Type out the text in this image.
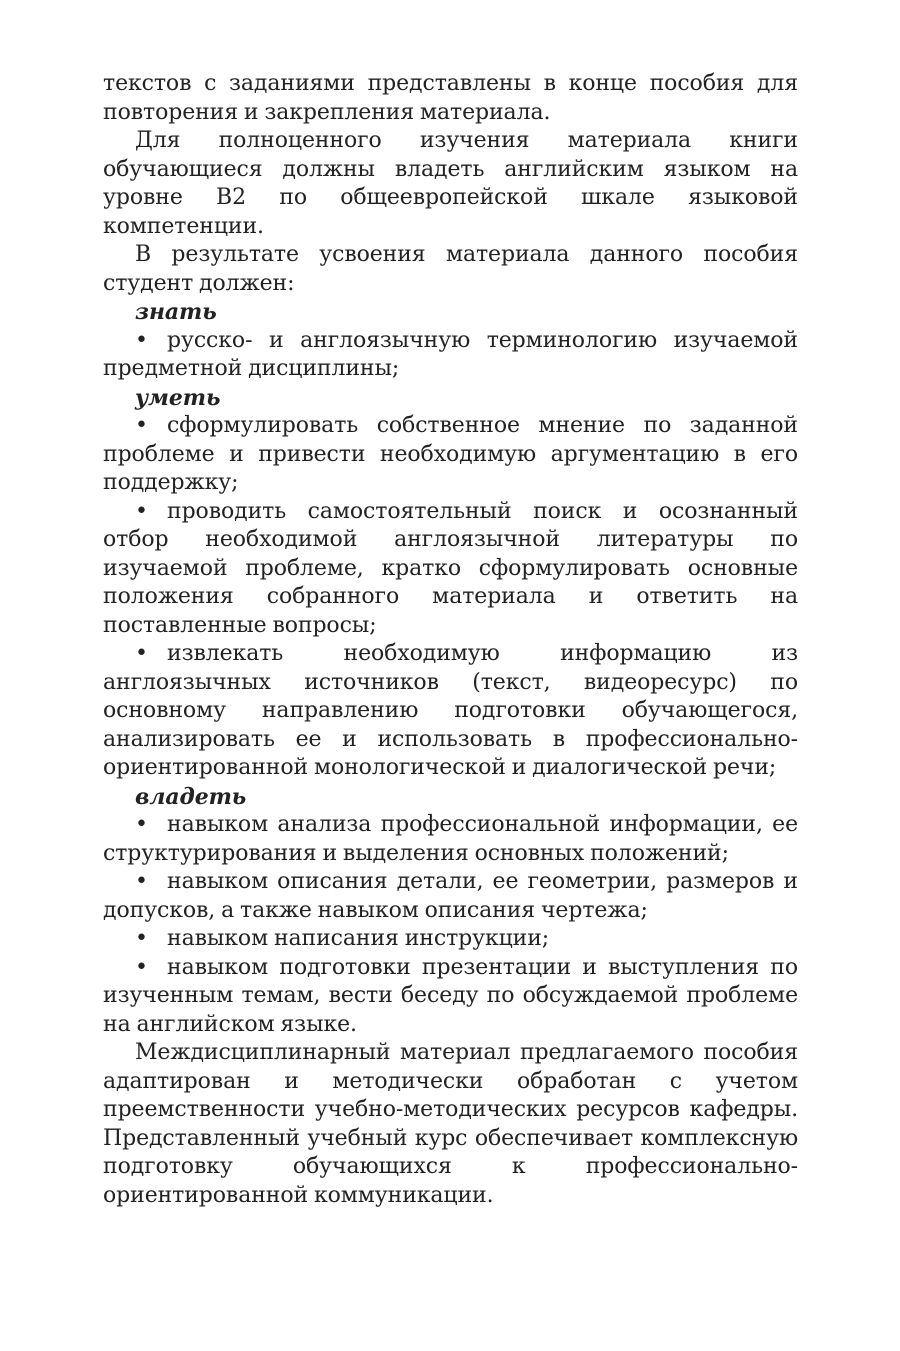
текстов с заданиями представлены в конце пособия для повторения и закрепления материала.

Для полноценного изучения материала книги обучающиеся должны владеть английским языком на уровне B2 по общеевропейской шкале языковой компетенции.

В результате усвоения материала данного пособия студент должен:

знать

• русско- и англоязычную терминологию изучаемой предметной дисциплины;

уметь

• сформулировать собственное мнение по заданной проблеме и привести необходимую аргументацию в его поддержку;

• проводить самостоятельный поиск и осознанный отбор необходимой англоязычной литературы по изучаемой проблеме, кратко сформулировать основные положения собранного материала и ответить на поставленные вопросы;

• извлекать необходимую информацию из англоязычных источников (текст, видеоресурс) по основному направлению подготовки обучающегося, анализировать ее и использовать в профессионально-ориентированной монологической и диалогической речи;

владеть

• навыком анализа профессиональной информации, ее структурирования и выделения основных положений;

• навыком описания детали, ее геометрии, размеров и допусков, а также навыком описания чертежа;

• навыком написания инструкции;

• навыком подготовки презентации и выступления по изученным темам, вести беседу по обсуждаемой проблеме на английском языке.

Междисциплинарный материал предлагаемого пособия адаптирован и методически обработан с учетом преемственности учебно-методических ресурсов кафедры. Представленный учебный курс обеспечивает комплексную подготовку обучающихся к профессионально-ориентированной коммуникации.
